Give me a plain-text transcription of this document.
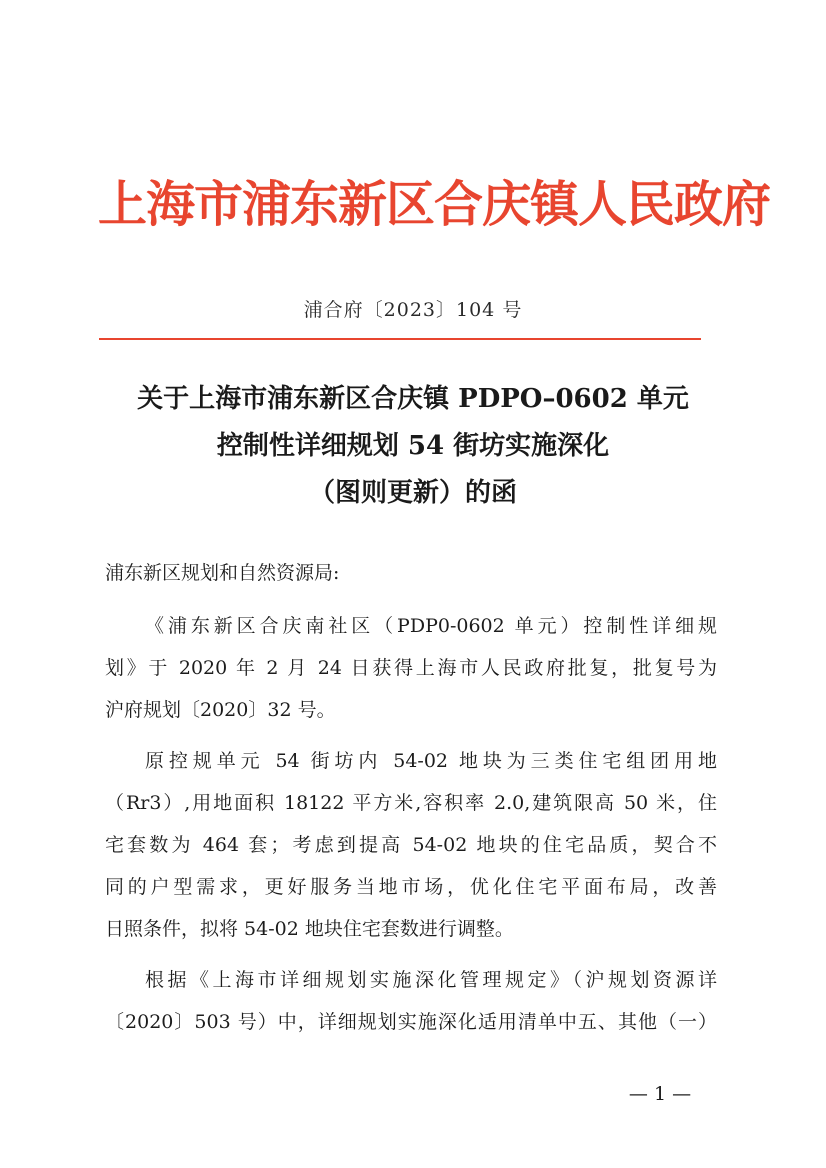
上海市浦东新区合庆镇人民政府
浦合府〔2023〕104 号
关于上海市浦东新区合庆镇 PDPO–0602 单元
控制性详细规划 54 街坊实施深化
（图则更新）的函
浦东新区规划和自然资源局:
《浦东新区合庆南社区（PDP0-0602 单元）控制性详细规
划》于 2020 年 2 月 24 日获得上海市人民政府批复，批复号为
沪府规划〔2020〕32 号。
原控规单元 54 街坊内 54-02 地块为三类住宅组团用地
（Rr3）,用地面积 18122 平方米,容积率 2.0,建筑限高 50 米，住
宅套数为 464 套；考虑到提高 54-02 地块的住宅品质，契合不
同的户型需求，更好服务当地市场，优化住宅平面布局，改善
日照条件，拟将 54-02 地块住宅套数进行调整。
根据《上海市详细规划实施深化管理规定》（沪规划资源详
〔2020〕503 号）中，详细规划实施深化适用清单中五、其他（一）
— 1 —
